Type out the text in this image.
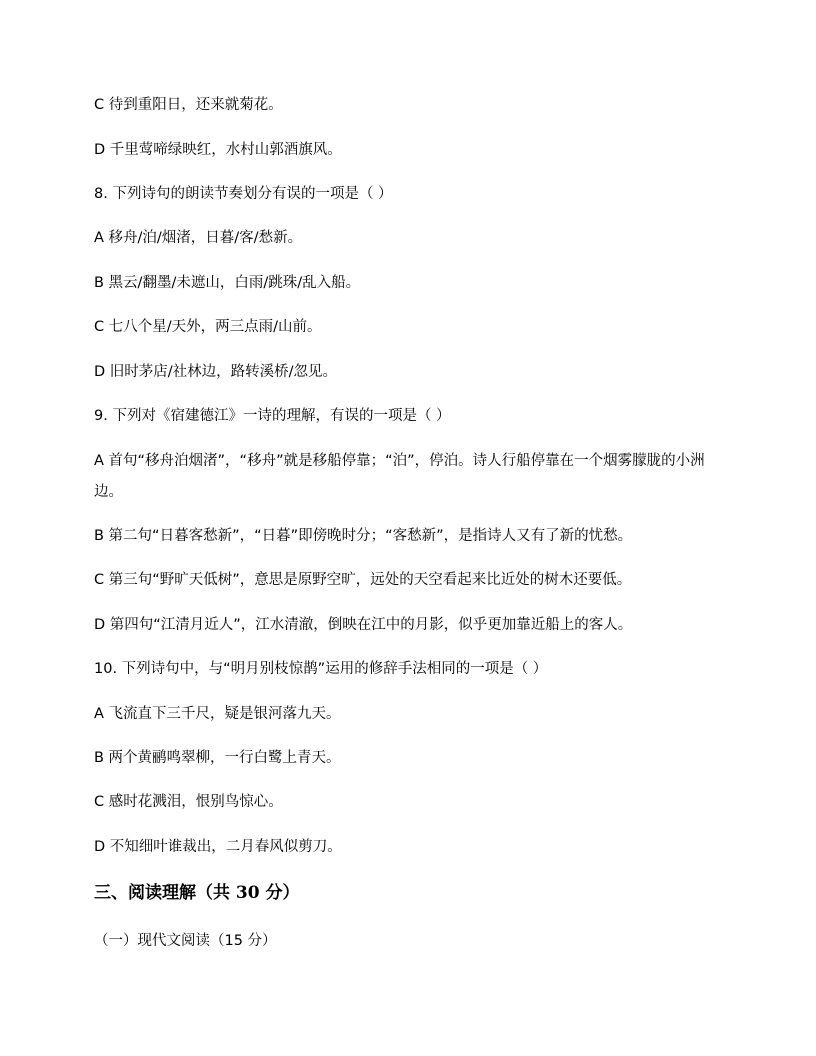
C 待到重阳日，还来就菊花。
D 千里莺啼绿映红，水村山郭酒旗风。
8. 下列诗句的朗读节奏划分有误的一项是（ ）
A 移舟/泊/烟渚，日暮/客/愁新。
B 黑云/翻墨/未遮山，白雨/跳珠/乱入船。
C 七八个星/天外，两三点雨/山前。
D 旧时茅店/社林边，路转溪桥/忽见。
9. 下列对《宿建德江》一诗的理解，有误的一项是（ ）
A 首句“移舟泊烟渚”，“移舟”就是移船停靠；“泊”，停泊。诗人行船停靠在一个烟雾朦胧的小洲边。
B 第二句“日暮客愁新”，“日暮”即傍晚时分；“客愁新”，是指诗人又有了新的忧愁。
C 第三句“野旷天低树”，意思是原野空旷，远处的天空看起来比近处的树木还要低。
D 第四句“江清月近人”，江水清澈，倒映在江中的月影，似乎更加靠近船上的客人。
10. 下列诗句中，与“明月别枝惊鹊”运用的修辞手法相同的一项是（ ）
A 飞流直下三千尺，疑是银河落九天。
B 两个黄鹂鸣翠柳，一行白鹭上青天。
C 感时花溅泪，恨别鸟惊心。
D 不知细叶谁裁出，二月春风似剪刀。
三、阅读理解（共 30 分）
（一）现代文阅读（15 分）
